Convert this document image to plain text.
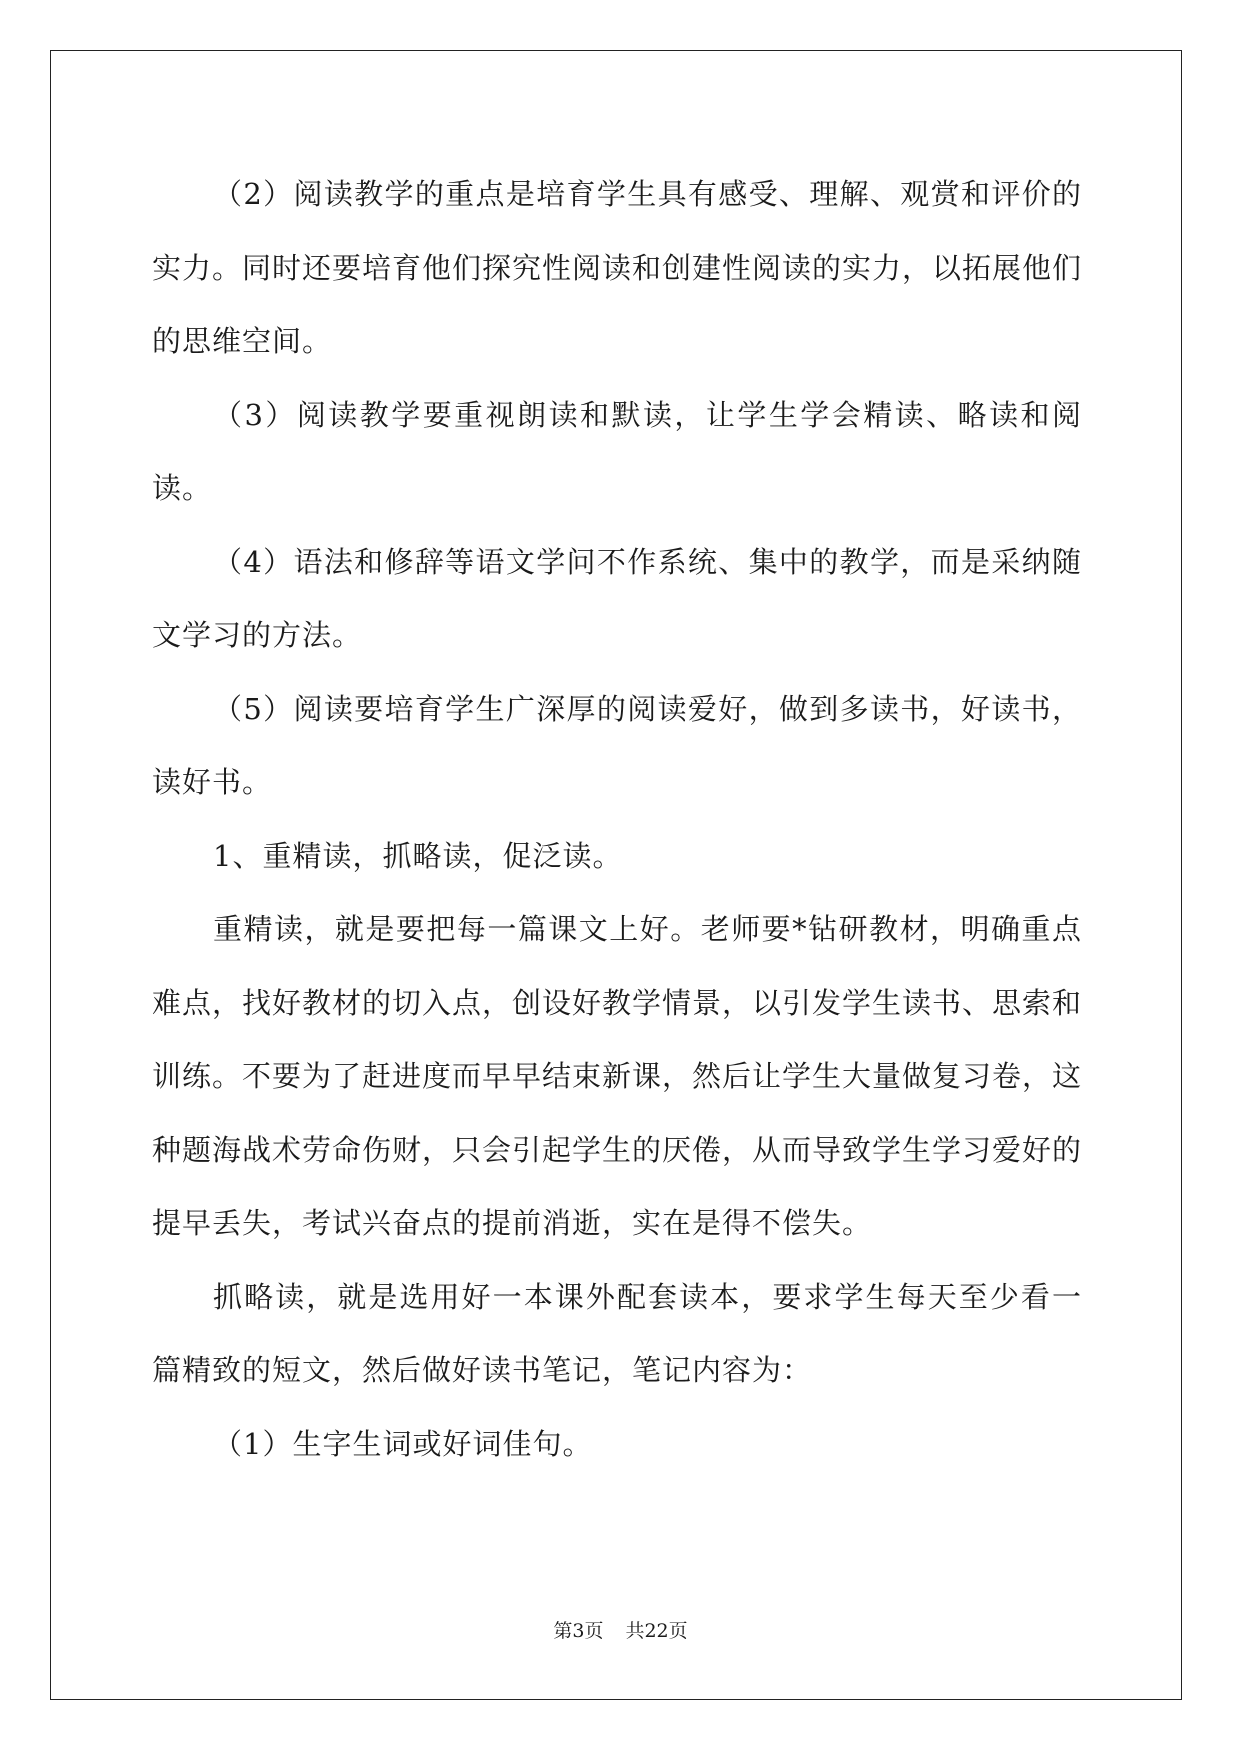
（2）阅读教学的重点是培育学生具有感受、理解、观赏和评价的实力。同时还要培育他们探究性阅读和创建性阅读的实力，以拓展他们的思维空间。

（3）阅读教学要重视朗读和默读，让学生学会精读、略读和阅读。

（4）语法和修辞等语文学问不作系统、集中的教学，而是采纳随文学习的方法。

（5）阅读要培育学生广深厚的阅读爱好，做到多读书，好读书，读好书。

1、重精读，抓略读，促泛读。

重精读，就是要把每一篇课文上好。老师要*钻研教材，明确重点难点，找好教材的切入点，创设好教学情景，以引发学生读书、思索和训练。不要为了赶进度而早早结束新课，然后让学生大量做复习卷，这种题海战术劳命伤财，只会引起学生的厌倦，从而导致学生学习爱好的提早丢失，考试兴奋点的提前消逝，实在是得不偿失。

抓略读，就是选用好一本课外配套读本，要求学生每天至少看一篇精致的短文，然后做好读书笔记，笔记内容为：

（1）生字生词或好词佳句。

第3页 共22页
